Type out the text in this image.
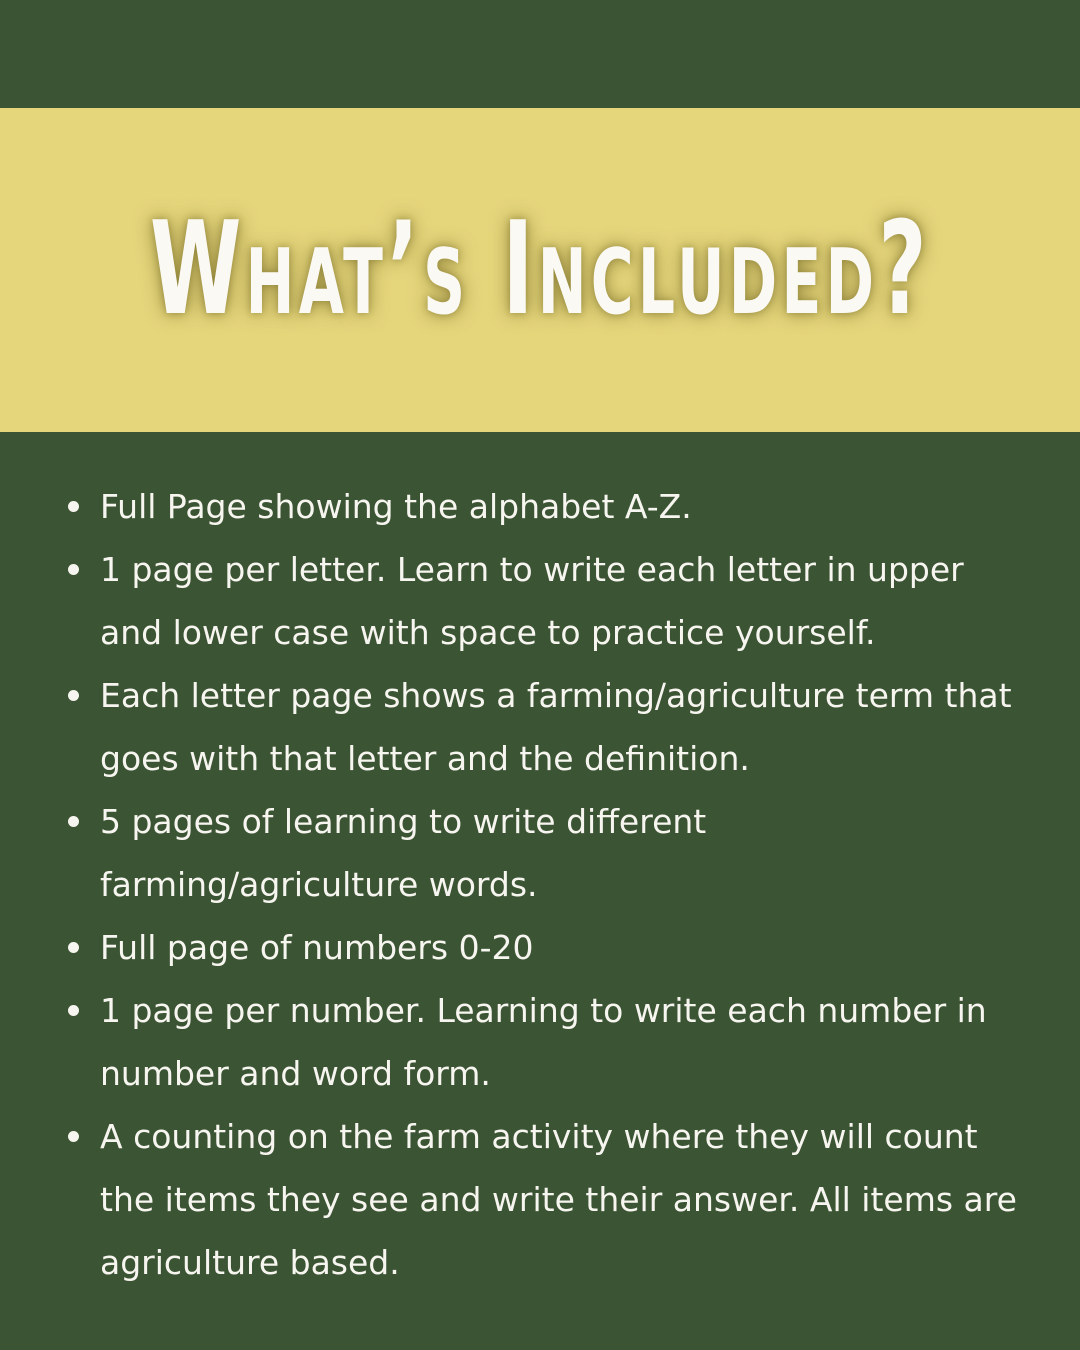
What’s Included?
Full Page showing the alphabet A-Z.
1 page per letter. Learn to write each letter in upper
and lower case with space to practice yourself.
Each letter page shows a farming/agriculture term that
goes with that letter and the definition.
5 pages of learning to write different
farming/agriculture words.
Full page of numbers 0-20
1 page per number. Learning to write each number in
number and word form.
A counting on the farm activity where they will count
the items they see and write their answer. All items are
agriculture based.
